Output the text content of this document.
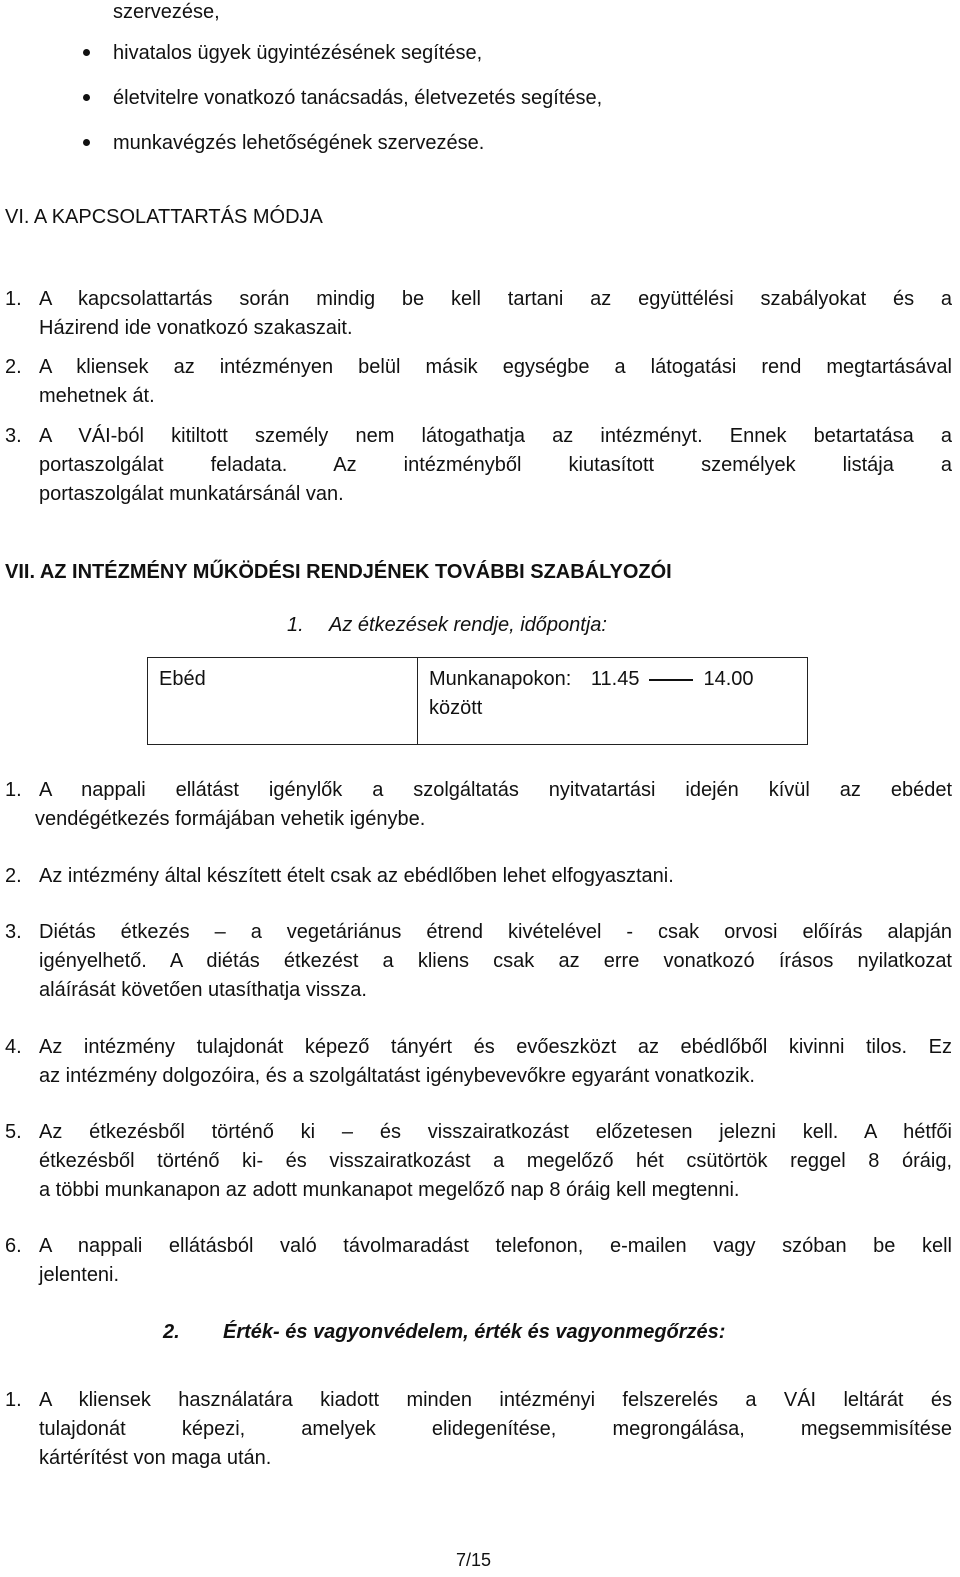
szervezése,
hivatalos ügyek ügyintézésének segítése,
életvitelre vonatkozó tanácsadás, életvezetés segítése,
munkavégzés lehetőségének szervezése.
VI. A KAPCSOLATTARTÁS MÓDJA
1. A kapcsolattartás során mindig be kell tartani az együttélési szabályokat és a
Házirend ide vonatkozó szakaszait.
2. A kliensek az intézményen belül másik egységbe a látogatási rend megtartásával
mehetnek át.
3. A VÁI-ból kitiltott személy nem látogathatja az intézményt. Ennek betartatása a
portaszolgálat feladata. Az intézményből kiutasított személyek listája a
portaszolgálat munkatársánál van.
VII. AZ INTÉZMÉNY MŰKÖDÉSI RENDJÉNEK TOVÁBBI SZABÁLYOZÓI
1. Az étkezések rendje, időpontja:
Ebéd	Munkanapokon: 11.45	14.00
között
1. A nappali ellátást igénylők a szolgáltatás nyitvatartási idején kívül az ebédet
vendégétkezés formájában vehetik igénybe.
2. Az intézmény által készített ételt csak az ebédlőben lehet elfogyasztani.
3. Diétás étkezés – a vegetáriánus étrend kivételével - csak orvosi előírás alapján
igényelhető. A diétás étkezést a kliens csak az erre vonatkozó írásos nyilatkozat
aláírását követően utasíthatja vissza.
4. Az intézmény tulajdonát képező tányért és evőeszközt az ebédlőből kivinni tilos. Ez
az intézmény dolgozóira, és a szolgáltatást igénybevevőkre egyaránt vonatkozik.
5. Az étkezésből történő ki – és visszairatkozást előzetesen jelezni kell. A hétfői
étkezésből történő ki- és visszairatkozást a megelőző hét csütörtök reggel 8 óráig,
a többi munkanapon az adott munkanapot megelőző nap 8 óráig kell megtenni.
6. A nappali ellátásból való távolmaradást telefonon, e-mailen vagy szóban be kell
jelenteni.
2. Érték- és vagyonvédelem, érték és vagyonmegőrzés:
1. A kliensek használatára kiadott minden intézményi felszerelés a VÁI leltárát és
tulajdonát képezi, amelyek elidegenítése, megrongálása, megsemmisítése
kártérítést von maga után.
7/15
